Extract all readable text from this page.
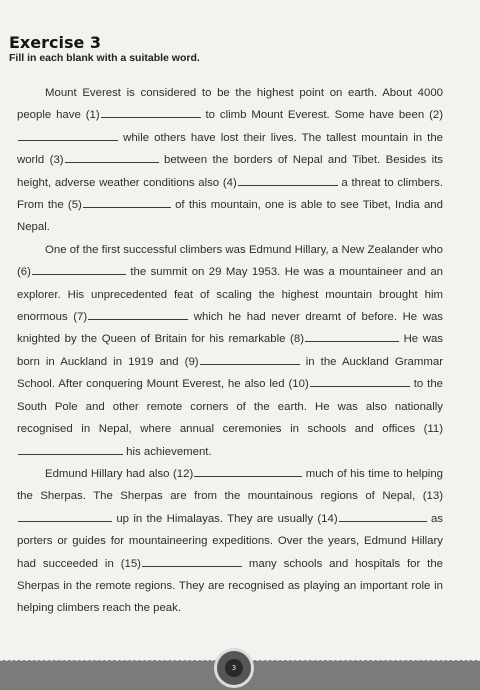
Exercise 3
Fill in each blank with a suitable word.

Mount Everest is considered to be the highest point on earth. About 4000 people have (1)	to climb Mount Everest. Some have been (2) while others have lost their lives. The tallest mountain in the world (3)	between the borders of Nepal and Tibet. Besides its height, adverse weather conditions also (4)	a threat to climbers. From the (5)	of this mountain, one is able to see Tibet, India and Nepal.

One of the first successful climbers was Edmund Hillary, a New Zealander who (6)	the summit on 29 May 1953. He was a mountaineer and an explorer. His unprecedented feat of scaling the highest mountain brought him enormous (7)	which he had never dreamt of before. He was knighted by the Queen of Britain for his remarkable (8)	He was born in Auckland in 1919 and (9)	in the Auckland Grammar School. After conquering Mount Everest, he also led (10)	to the South Pole and other remote corners of the earth. He was also nationally recognised in Nepal, where annual ceremonies in schools and offices (11) his achievement.

Edmund Hillary had also (12)	much of his time to helping the Sherpas. The Sherpas are from the mountainous regions of Nepal, (13) up in the Himalayas. They are usually (14)	as porters or guides for mountaineering expeditions. Over the years, Edmund Hillary had succeeded in (15)	many schools and hospitals for the Sherpas in the remote regions. They are recognised as playing an important role in helping climbers reach the peak.

3
